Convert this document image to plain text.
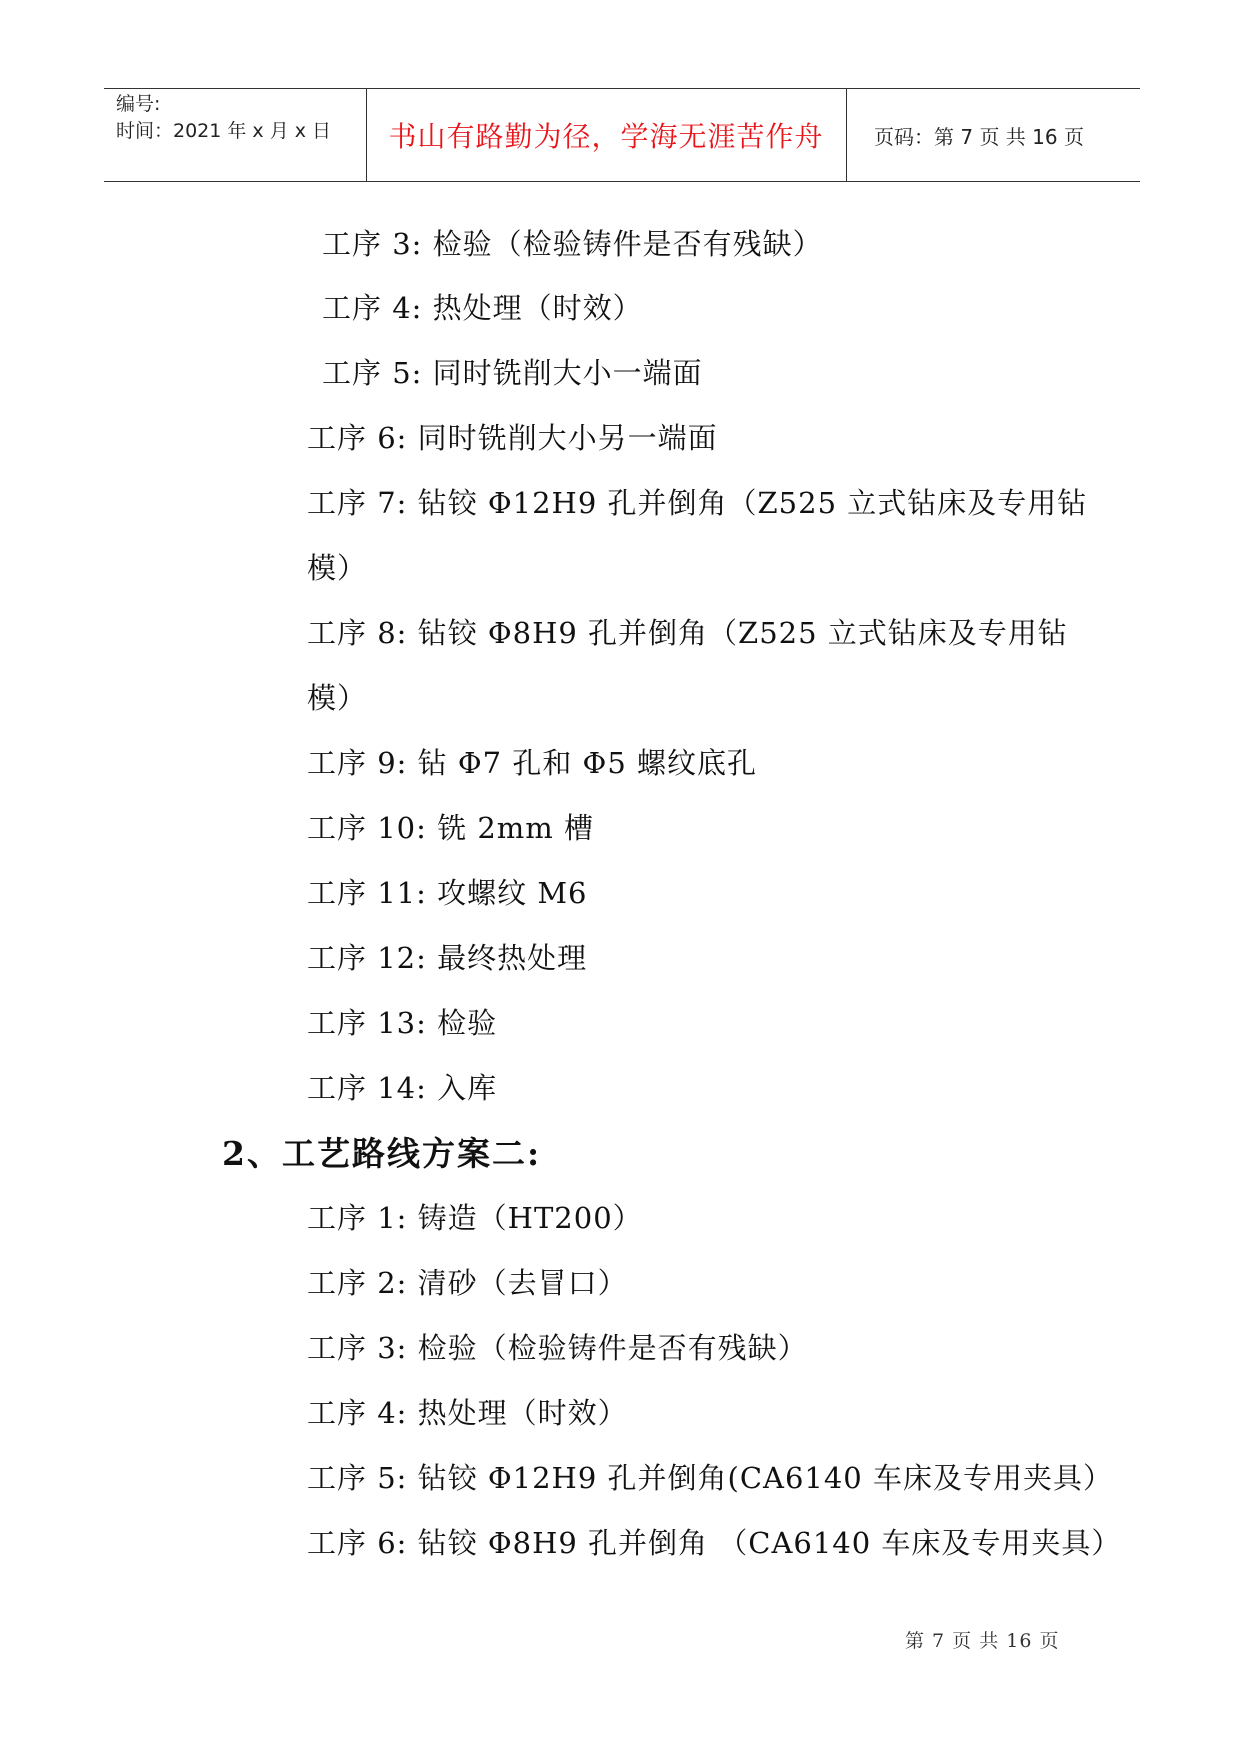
编号:
时间：2021 年 x 月 x 日	书山有路勤为径，学海无涯苦作舟	页码：第 7 页 共 16 页
工序 3: 检验（检验铸件是否有残缺）
工序 4: 热处理（时效）
工序 5: 同时铣削大小一端面
工序 6: 同时铣削大小另一端面
工序 7: 钻铰 Φ12H9 孔并倒角（Z525 立式钻床及专用钻
模）
工序 8: 钻铰 Φ8H9 孔并倒角（Z525 立式钻床及专用钻
模）
工序 9: 钻 Φ7 孔和 Φ5 螺纹底孔
工序 10: 铣 2mm 槽
工序 11: 攻螺纹 M6
工序 12: 最终热处理
工序 13: 检验
工序 14: 入库
2、工艺路线方案二:
工序 1: 铸造（HT200）
工序 2: 清砂（去冒口）
工序 3: 检验（检验铸件是否有残缺）
工序 4: 热处理（时效）
工序 5: 钻铰 Φ12H9 孔并倒角(CA6140 车床及专用夹具）
工序 6: 钻铰 Φ8H9 孔并倒角 （CA6140 车床及专用夹具）
第 7 页 共 16 页
